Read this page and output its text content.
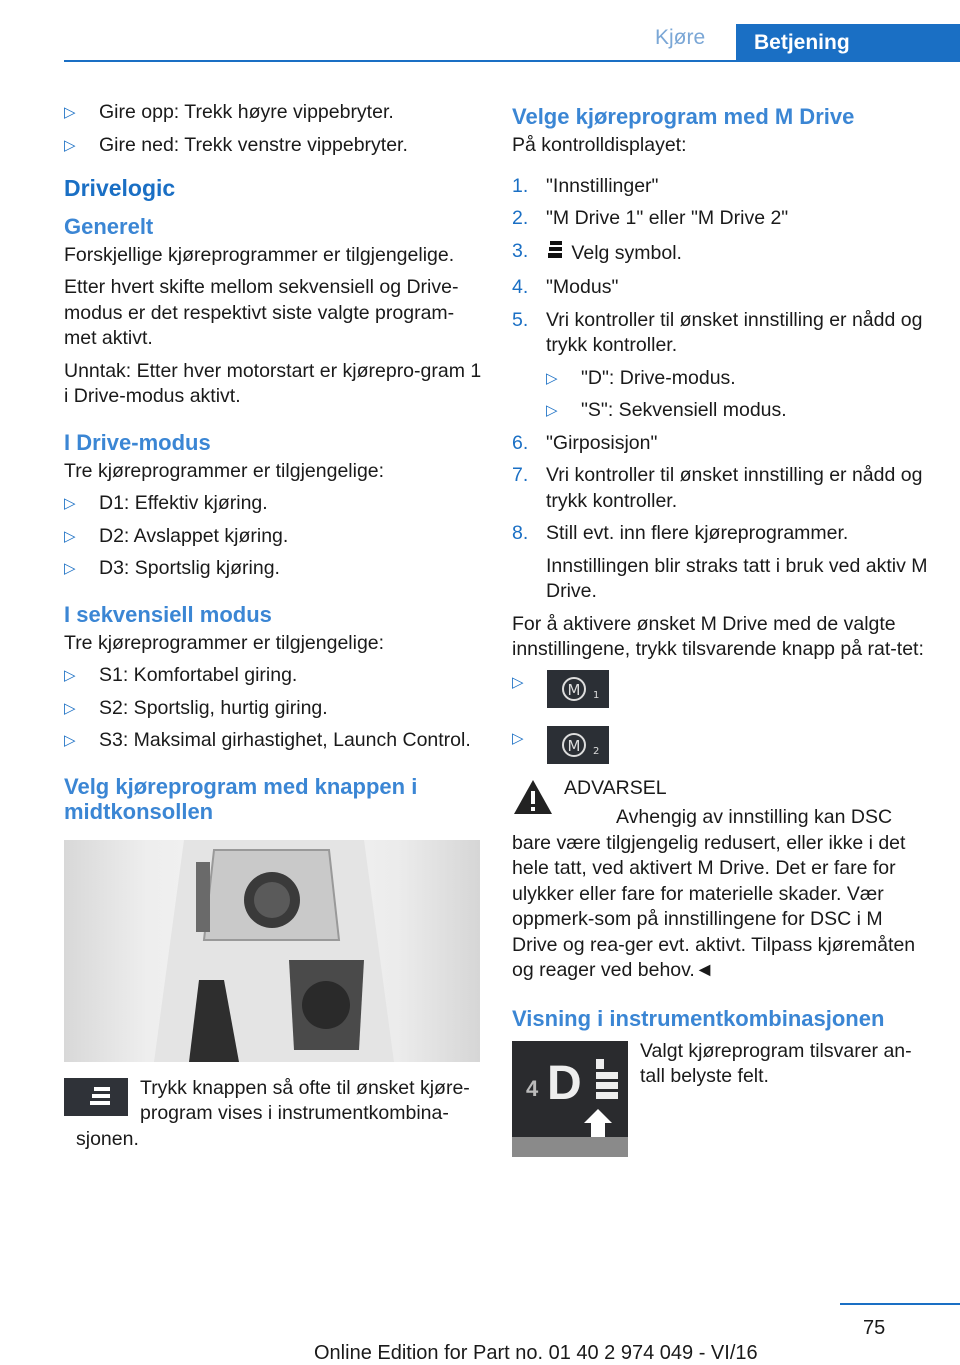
Kjøre	Betjening
▷	Gire opp: Trekk høyre vippebryter.
▷	Gire ned: Trekk venstre vippebryter.
Drivelogic
Generelt

Forskjellige kjøreprogrammer er tilgjengelige.

Etter hvert skifte mellom sekvensiell og Drive-modus er det respektivt siste valgte program-met aktivt.

Unntak: Etter hver motorstart er kjørepro-gram 1 i Drive-modus aktivt.

I Drive-modus

Tre kjøreprogrammer er tilgjengelige:

▷	D1: Effektiv kjøring.
▷	D2: Avslappet kjøring.
▷	D3: Sportslig kjøring.
I sekvensiell modus

Tre kjøreprogrammer er tilgjengelige:

▷	S1: Komfortabel giring.
▷	S2: Sportslig, hurtig giring.
▷	S3: Maksimal girhastighet, Launch Control.
Velg kjøreprogram med knappen i midtkonsollen

Trykk knappen så ofte til ønsket kjøre-program vises i instrumentkombina-sjonen.

Velge kjøreprogram med M Drive

På kontrolldisplayet:

1. "Innstillinger"
2. "M Drive 1" eller "M Drive 2"
3.	Velg symbol.
4. "Modus"
5. Vri kontroller til ønsket innstilling er nådd og trykk kontroller.
▷	"D": Drive-modus.
▷	"S": Sekvensiell modus.
6. "Girposisjon"
7. Vri kontroller til ønsket innstilling er nådd og trykk kontroller.
8. Still evt. inn flere kjøreprogrammer.

Innstillingen blir straks tatt i bruk ved aktiv M Drive.

For å aktivere ønsket M Drive med de valgte innstillingene, trykk tilsvarende knapp på rat-tet:

▷	M 1
▷	M 2

ADVARSEL

Avhengig av innstilling kan DSC bare være tilgjengelig redusert, eller ikke i det hele tatt, ved aktivert M Drive. Det er fare for ulykker eller fare for materielle skader. Vær oppmerk-som på innstillingene for DSC i M Drive og rea-ger evt. aktivt. Tilpass kjøremåten og reager ved behov.◄

Visning i instrumentkombinasjonen
4 D

Valgt kjøreprogram tilsvarer an-tall belyste felt.

75
Online Edition for Part no. 01 40 2 974 049 - VI/16
